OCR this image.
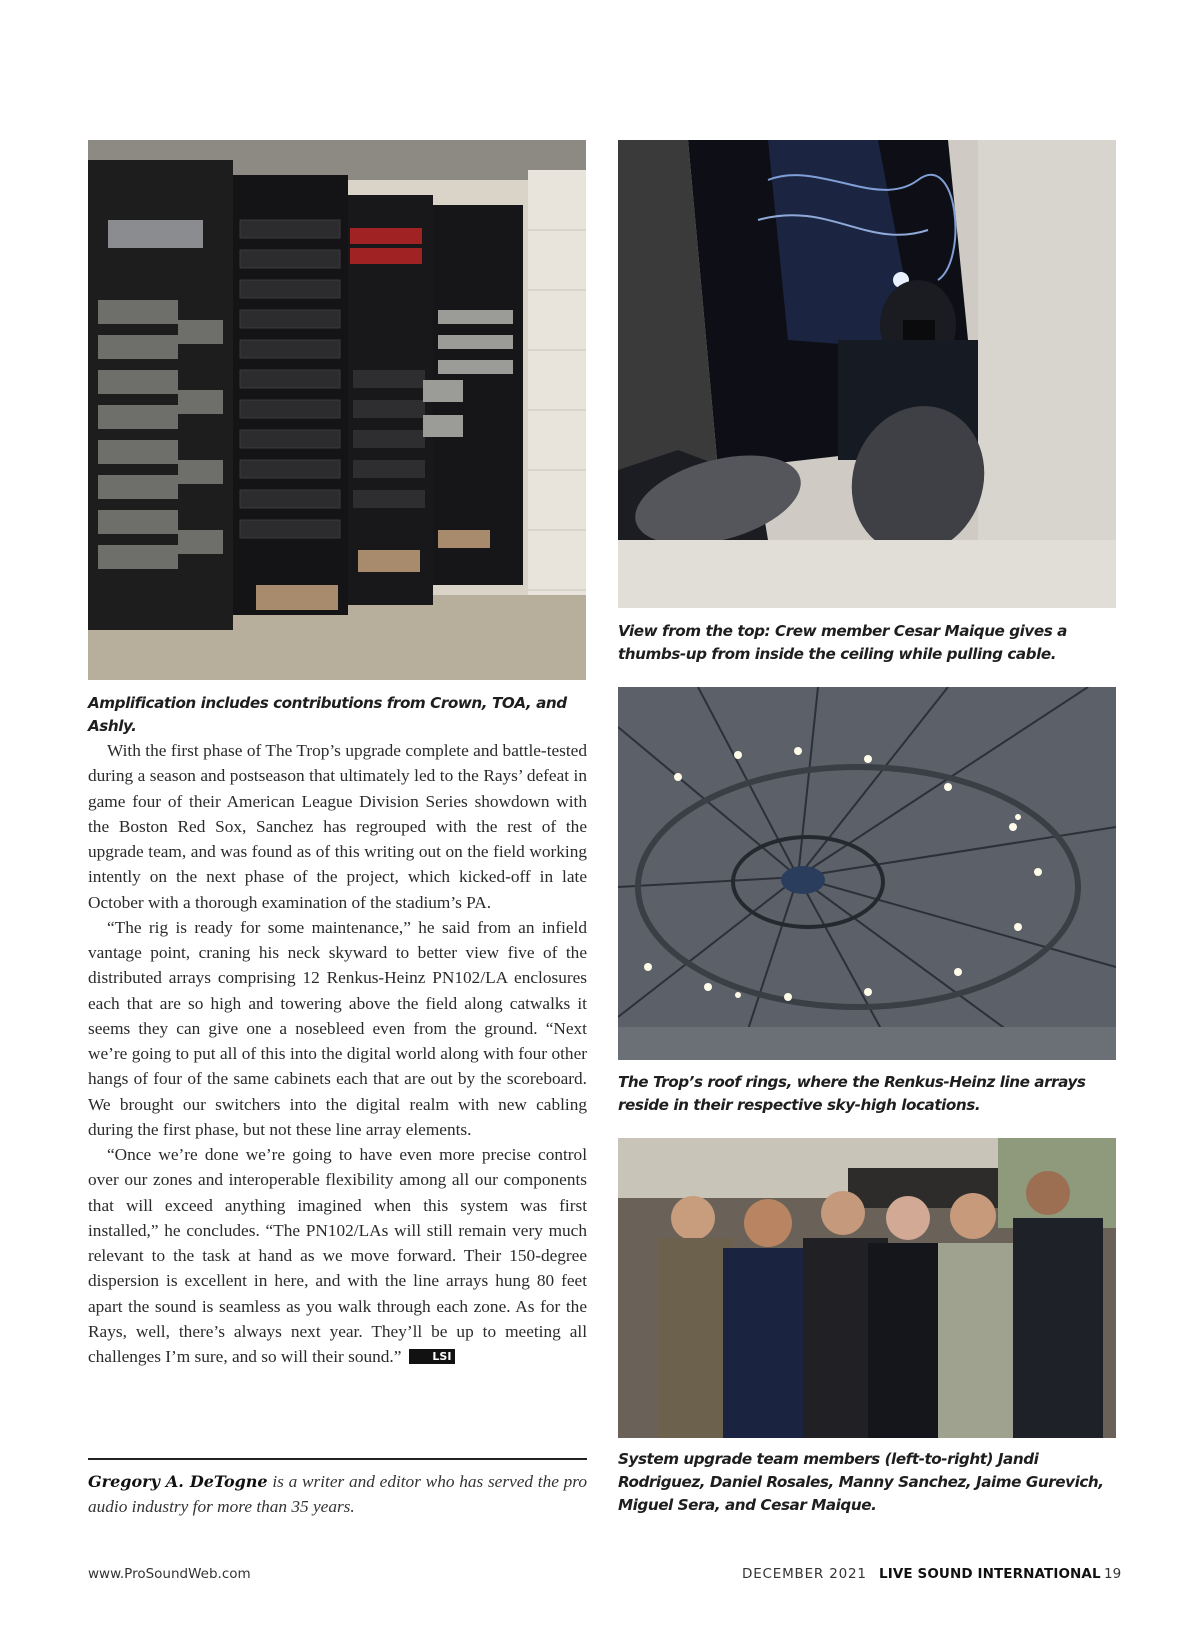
Amplification includes contributions from Crown, TOA, and Ashly.
View from the top: Crew member Cesar Maique gives a thumbs-up from inside the ceiling while pulling cable.
The Trop’s roof rings, where the Renkus-Heinz line arrays reside in their respective sky-high locations.
System upgrade team members (left-to-right) Jandi Rodriguez, Daniel Rosales, Manny Sanchez, Jaime Gurevich, Miguel Sera, and Cesar Maique.

With the first phase of The Trop’s upgrade complete and battle-tested during a season and postseason that ultimately led to the Rays’ defeat in game four of their American League Division Series showdown with the Boston Red Sox, Sanchez has regrouped with the rest of the upgrade team, and was found as of this writing out on the field working intently on the next phase of the project, which kicked-off in late October with a thorough examination of the stadium’s PA.

“The rig is ready for some maintenance,” he said from an infield vantage point, craning his neck skyward to better view five of the distributed arrays comprising 12 Renkus-Heinz PN102/LA enclosures each that are so high and towering above the field along catwalks it seems they can give one a nosebleed even from the ground. “Next we’re going to put all of this into the digital world along with four other hangs of four of the same cabinets each that are out by the scoreboard. We brought our switchers into the digital realm with new cabling during the first phase, but not these line array elements.

“Once we’re done we’re going to have even more precise control over our zones and interoperable flexibility among all our components that will exceed anything imagined when this system was first installed,” he concludes. “The PN102/LAs will still remain very much relevant to the task at hand as we move forward. Their 150-degree dispersion is excellent in here, and with the line arrays hung 80 feet apart the sound is seamless as you walk through each zone. As for the Rays, well, there’s always next year. They’ll be up to meeting all challenges I’m sure, and so will their sound.”	LSI

Gregory A. DeTogne is a writer and editor who has served the pro audio industry for more than 35 years.
www.ProSoundWeb.com	DECEMBER 2021 LIVE SOUND INTERNATIONAL 19
